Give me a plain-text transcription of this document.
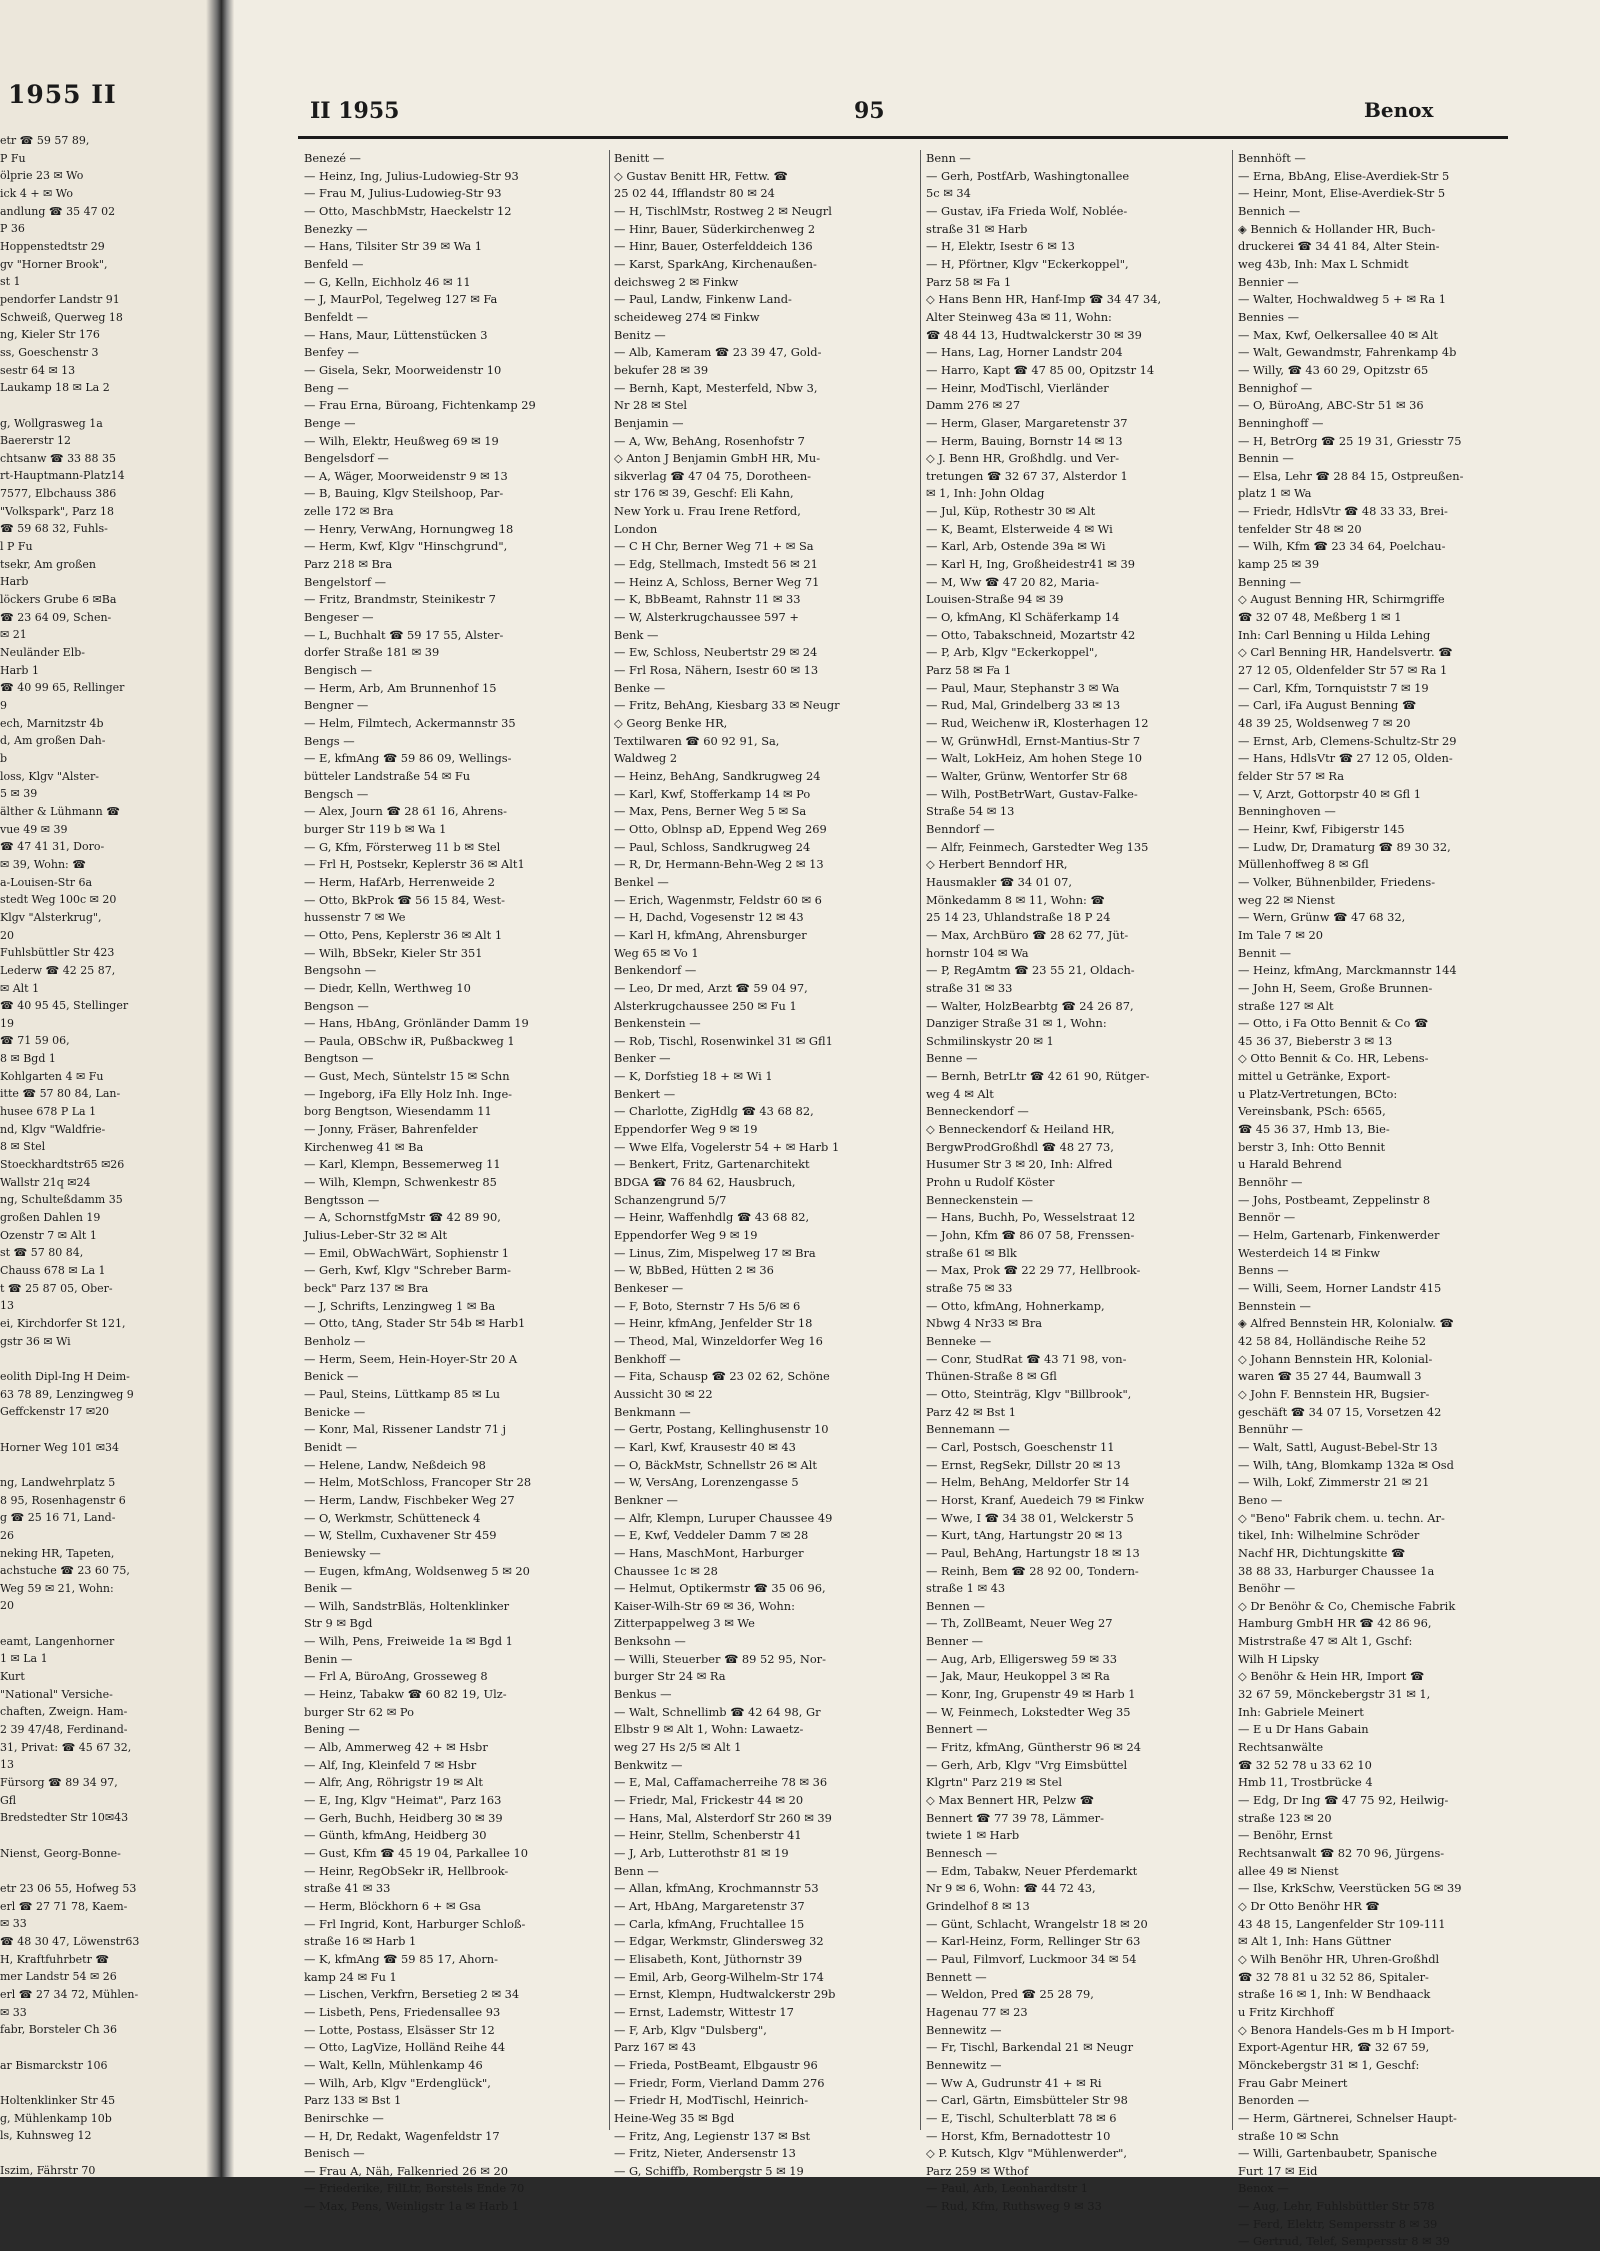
1955 II
etr ☎ 59 57 89,
P Fu
ölprie 23 ✉ Wo
ick 4 + ✉ Wo
andlung ☎ 35 47 02
P 36
Hoppenstedtstr 29
gv "Horner Brook",
st 1
pendorfer Landstr 91
Schweiß, Querweg 18
ng, Kieler Str 176
ss, Goeschenstr 3
sestr 64 ✉ 13
Laukamp 18 ✉ La 2

g, Wollgrasweg 1a
Baererstr 12
chtsanw ☎ 33 88 35
rt-Hauptmann-Platz14
7577, Elbchauss 386
"Volkspark", Parz 18
☎ 59 68 32, Fuhls-
l P Fu
tsekr, Am großen
Harb
löckers Grube 6 ✉Ba
☎ 23 64 09, Schen-
✉ 21
Neuländer Elb-
Harb 1
☎ 40 99 65, Rellinger
9
ech, Marnitzstr 4b
d, Am großen Dah-
b
loss, Klgv "Alster-
5 ✉ 39
älther & Lühmann ☎
vue 49 ✉ 39
☎ 47 41 31, Doro-
✉ 39, Wohn: ☎
a-Louisen-Str 6a
stedt Weg 100c ✉ 20
Klgv "Alsterkrug",
20
Fuhlsbüttler Str 423
Lederw ☎ 42 25 87,
✉ Alt 1
☎ 40 95 45, Stellinger
19
☎ 71 59 06,
8 ✉ Bgd 1
Kohlgarten 4 ✉ Fu
itte ☎ 57 80 84, Lan-
husee 678 P La 1
nd, Klgv "Waldfrie-
8 ✉ Stel
Stoeckhardtstr65 ✉26
Wallstr 21q ✉24
ng, Schulteßdamm 35
großen Dahlen 19
Ozenstr 7 ✉ Alt 1
st ☎ 57 80 84,
Chauss 678 ✉ La 1
t ☎ 25 87 05, Ober-
13
ei, Kirchdorfer St 121,
gstr 36 ✉ Wi

eolith Dipl-Ing H Deim-
63 78 89, Lenzingweg 9
Geffckenstr 17 ✉20

Horner Weg 101 ✉34

ng, Landwehrplatz 5
8 95, Rosenhagenstr 6
g ☎ 25 16 71, Land-
26
neking HR, Tapeten,
achstuche ☎ 23 60 75,
Weg 59 ✉ 21, Wohn:
20

eamt, Langenhorner
1 ✉ La 1
Kurt
"National" Versiche-
chaften, Zweign. Ham-
2 39 47/48, Ferdinand-
31, Privat: ☎ 45 67 32,
13
Fürsorg ☎ 89 34 97,
Gfl
Bredstedter Str 10✉43

Nienst, Georg-Bonne-

etr 23 06 55, Hofweg 53
erl ☎ 27 71 78, Kaem-
✉ 33
☎ 48 30 47, Löwenstr63
H, Kraftfuhrbetr ☎
mer Landstr 54 ✉ 26
erl ☎ 27 34 72, Mühlen-
✉ 33
fabr, Borsteler Ch 36

ar Bismarckstr 106

Holtenklinker Str 45
g, Mühlenkamp 10b
ls, Kuhnsweg 12

Iszim, Fährstr 70
II 1955	95	Benox
Benezé —
— Heinz, Ing, Julius-Ludowieg-Str 93
— Frau M, Julius-Ludowieg-Str 93
— Otto, MaschbMstr, Haeckelstr 12
Benezky —
— Hans, Tilsiter Str 39 ✉ Wa 1
Benfeld —
— G, Kelln, Eichholz 46 ✉ 11
— J, MaurPol, Tegelweg 127 ✉ Fa
Benfeldt —
— Hans, Maur, Lüttenstücken 3
Benfey —
— Gisela, Sekr, Moorweidenstr 10
Beng —
— Frau Erna, Büroang, Fichtenkamp 29
Benge —
— Wilh, Elektr, Heußweg 69 ✉ 19
Bengelsdorf —
— A, Wäger, Moorweidenstr 9 ✉ 13
— B, Bauing, Klgv Steilshoop, Par-
zelle 172 ✉ Bra
— Henry, VerwAng, Hornungweg 18
— Herm, Kwf, Klgv "Hinschgrund",
Parz 218 ✉ Bra
Bengelstorf —
— Fritz, Brandmstr, Steinikestr 7
Bengeser —
— L, Buchhalt ☎ 59 17 55, Alster-
dorfer Straße 181 ✉ 39
Bengisch —
— Herm, Arb, Am Brunnenhof 15
Bengner —
— Helm, Filmtech, Ackermannstr 35
Bengs —
— E, kfmAng ☎ 59 86 09, Wellings-
bütteler Landstraße 54 ✉ Fu
Bengsch —
— Alex, Journ ☎ 28 61 16, Ahrens-
burger Str 119 b ✉ Wa 1
— G, Kfm, Försterweg 11 b ✉ Stel
— Frl H, Postsekr, Keplerstr 36 ✉ Alt1
— Herm, HafArb, Herrenweide 2
— Otto, BkProk ☎ 56 15 84, West-
hussenstr 7 ✉ We
— Otto, Pens, Keplerstr 36 ✉ Alt 1
— Wilh, BbSekr, Kieler Str 351
Bengsohn —
— Diedr, Kelln, Werthweg 10
Bengson —
— Hans, HbAng, Grönländer Damm 19
— Paula, OBSchw iR, Pußbackweg 1
Bengtson —
— Gust, Mech, Süntelstr 15 ✉ Schn
— Ingeborg, iFa Elly Holz Inh. Inge-
borg Bengtson, Wiesendamm 11
— Jonny, Fräser, Bahrenfelder
Kirchenweg 41 ✉ Ba
— Karl, Klempn, Bessemerweg 11
— Wilh, Klempn, Schwenkestr 85
Bengtsson —
— A, SchornstfgMstr ☎ 42 89 90,
Julius-Leber-Str 32 ✉ Alt
— Emil, ObWachWärt, Sophienstr 1
— Gerh, Kwf, Klgv "Schreber Barm-
beck" Parz 137 ✉ Bra
— J, Schrifts, Lenzingweg 1 ✉ Ba
— Otto, tAng, Stader Str 54b ✉ Harb1
Benholz —
— Herm, Seem, Hein-Hoyer-Str 20 A
Benick —
— Paul, Steins, Lüttkamp 85 ✉ Lu
Benicke —
— Konr, Mal, Rissener Landstr 71 j
Benidt —
— Helene, Landw, Neßdeich 98
— Helm, MotSchloss, Francoper Str 28
— Herm, Landw, Fischbeker Weg 27
— O, Werkmstr, Schütteneck 4
— W, Stellm, Cuxhavener Str 459
Beniewsky —
— Eugen, kfmAng, Woldsenweg 5 ✉ 20
Benik —
— Wilh, SandstrBläs, Holtenklinker
Str 9 ✉ Bgd
— Wilh, Pens, Freiweide 1a ✉ Bgd 1
Benin —
— Frl A, BüroAng, Grosseweg 8
— Heinz, Tabakw ☎ 60 82 19, Ulz-
burger Str 62 ✉ Po
Bening —
— Alb, Ammerweg 42 + ✉ Hsbr
— Alf, Ing, Kleinfeld 7 ✉ Hsbr
— Alfr, Ang, Röhrigstr 19 ✉ Alt
— E, Ing, Klgv "Heimat", Parz 163
— Gerh, Buchh, Heidberg 30 ✉ 39
— Günth, kfmAng, Heidberg 30
— Gust, Kfm ☎ 45 19 04, Parkallee 10
— Heinr, RegObSekr iR, Hellbrook-
straße 41 ✉ 33
— Herm, Blöckhorn 6 + ✉ Gsa
— Frl Ingrid, Kont, Harburger Schloß-
straße 16 ✉ Harb 1
— K, kfmAng ☎ 59 85 17, Ahorn-
kamp 24 ✉ Fu 1
— Lischen, Verkfrn, Bersetieg 2 ✉ 34
— Lisbeth, Pens, Friedensallee 93
— Lotte, Postass, Elsässer Str 12
— Otto, LagVize, Holländ Reihe 44
— Walt, Kelln, Mühlenkamp 46
— Wilh, Arb, Klgv "Erdenglück",
Parz 133 ✉ Bst 1
Benirschke —
— H, Dr, Redakt, Wagenfeldstr 17
Benisch —
— Frau A, Näh, Falkenried 26 ✉ 20
— Friederike, FilLtr, Borstels Ende 70
— Max, Pens, Weinligstr 1a ✉ Harb 1
Benitt —
◇ Gustav Benitt HR, Fettw. ☎
25 02 44, Ifflandstr 80 ✉ 24
— H, TischlMstr, Rostweg 2 ✉ Neugrl
— Hinr, Bauer, Süderkirchenweg 2
— Hinr, Bauer, Osterfelddeich 136
— Karst, SparkAng, Kirchenaußen-
deichsweg 2 ✉ Finkw
— Paul, Landw, Finkenw Land-
scheideweg 274 ✉ Finkw
Benitz —
— Alb, Kameram ☎ 23 39 47, Gold-
bekufer 28 ✉ 39
— Bernh, Kapt, Mesterfeld, Nbw 3,
Nr 28 ✉ Stel
Benjamin —
— A, Ww, BehAng, Rosenhofstr 7
◇ Anton J Benjamin GmbH HR, Mu-
sikverlag ☎ 47 04 75, Dorotheen-
str 176 ✉ 39, Geschf: Eli Kahn,
New York u. Frau Irene Retford,
London
— C H Chr, Berner Weg 71 + ✉ Sa
— Edg, Stellmach, Imstedt 56 ✉ 21
— Heinz A, Schloss, Berner Weg 71
— K, BbBeamt, Rahnstr 11 ✉ 33
— W, Alsterkrugchaussee 597 +
Benk —
— Ew, Schloss, Neubertstr 29 ✉ 24
— Frl Rosa, Nähern, Isestr 60 ✉ 13
Benke —
— Fritz, BehAng, Kiesbarg 33 ✉ Neugr
◇ Georg Benke HR,
Textilwaren ☎ 60 92 91, Sa,
Waldweg 2
— Heinz, BehAng, Sandkrugweg 24
— Karl, Kwf, Stofferkamp 14 ✉ Po
— Max, Pens, Berner Weg 5 ✉ Sa
— Otto, Oblnsp aD, Eppend Weg 269
— Paul, Schloss, Sandkrugweg 24
— R, Dr, Hermann-Behn-Weg 2 ✉ 13
Benkel —
— Erich, Wagenmstr, Feldstr 60 ✉ 6
— H, Dachd, Vogesenstr 12 ✉ 43
— Karl H, kfmAng, Ahrensburger
Weg 65 ✉ Vo 1
Benkendorf —
— Leo, Dr med, Arzt ☎ 59 04 97,
Alsterkrugchaussee 250 ✉ Fu 1
Benkenstein —
— Rob, Tischl, Rosenwinkel 31 ✉ Gfl1
Benker —
— K, Dorfstieg 18 + ✉ Wi 1
Benkert —
— Charlotte, ZigHdlg ☎ 43 68 82,
Eppendorfer Weg 9 ✉ 19
— Wwe Elfa, Vogelerstr 54 + ✉ Harb 1
— Benkert, Fritz, Gartenarchitekt
BDGA ☎ 76 84 62, Hausbruch,
Schanzengrund 5/7
— Heinr, Waffenhdlg ☎ 43 68 82,
Eppendorfer Weg 9 ✉ 19
— Linus, Zim, Mispelweg 17 ✉ Bra
— W, BbBed, Hütten 2 ✉ 36
Benkeser —
— F, Boto, Sternstr 7 Hs 5/6 ✉ 6
— Heinr, kfmAng, Jenfelder Str 18
— Theod, Mal, Winzeldorfer Weg 16
Benkhoff —
— Fita, Schausp ☎ 23 02 62, Schöne
Aussicht 30 ✉ 22
Benkmann —
— Gertr, Postang, Kellinghusenstr 10
— Karl, Kwf, Krausestr 40 ✉ 43
— O, BäckMstr, Schnellstr 26 ✉ Alt
— W, VersAng, Lorenzengasse 5
Benkner —
— Alfr, Klempn, Luruper Chaussee 49
— E, Kwf, Veddeler Damm 7 ✉ 28
— Hans, MaschMont, Harburger
Chaussee 1c ✉ 28
— Helmut, Optikermstr ☎ 35 06 96,
Kaiser-Wilh-Str 69 ✉ 36, Wohn:
Zitterpappelweg 3 ✉ We
Benksohn —
— Willi, Steuerber ☎ 89 52 95, Nor-
burger Str 24 ✉ Ra
Benkus —
— Walt, Schnellimb ☎ 42 64 98, Gr
Elbstr 9 ✉ Alt 1, Wohn: Lawaetz-
weg 27 Hs 2/5 ✉ Alt 1
Benkwitz —
— E, Mal, Caffamacherreihe 78 ✉ 36
— Friedr, Mal, Frickestr 44 ✉ 20
— Hans, Mal, Alsterdorf Str 260 ✉ 39
— Heinr, Stellm, Schenberstr 41
— J, Arb, Lutterothstr 81 ✉ 19
Benn —
— Allan, kfmAng, Krochmannstr 53
— Art, HbAng, Margaretenstr 37
— Carla, kfmAng, Fruchtallee 15
— Edgar, Werkmstr, Glindersweg 32
— Elisabeth, Kont, Jüthornstr 39
— Emil, Arb, Georg-Wilhelm-Str 174
— Ernst, Klempn, Hudtwalckerstr 29b
— Ernst, Lademstr, Wittestr 17
— F, Arb, Klgv "Dulsberg",
Parz 167 ✉ 43
— Frieda, PostBeamt, Elbgaustr 96
— Friedr, Form, Vierland Damm 276
— Friedr H, ModTischl, Heinrich-
Heine-Weg 35 ✉ Bgd
— Fritz, Ang, Legienstr 137 ✉ Bst
— Fritz, Nieter, Andersenstr 13
— G, Schiffb, Rombergstr 5 ✉ 19
Benn —
— Gerh, PostfArb, Washingtonallee
5c ✉ 34
— Gustav, iFa Frieda Wolf, Noblée-
straße 31 ✉ Harb
— H, Elektr, Isestr 6 ✉ 13
— H, Pförtner, Klgv "Eckerkoppel",
Parz 58 ✉ Fa 1
◇ Hans Benn HR, Hanf-Imp ☎ 34 47 34,
Alter Steinweg 43a ✉ 11, Wohn:
☎ 48 44 13, Hudtwalckerstr 30 ✉ 39
— Hans, Lag, Horner Landstr 204
— Harro, Kapt ☎ 47 85 00, Opitzstr 14
— Heinr, ModTischl, Vierländer
Damm 276 ✉ 27
— Herm, Glaser, Margaretenstr 37
— Herm, Bauing, Bornstr 14 ✉ 13
◇ J. Benn HR, Großhdlg. und Ver-
tretungen ☎ 32 67 37, Alsterdor 1
✉ 1, Inh: John Oldag
— Jul, Küp, Rothestr 30 ✉ Alt
— K, Beamt, Elsterweide 4 ✉ Wi
— Karl, Arb, Ostende 39a ✉ Wi
— Karl H, Ing, Großheidestr41 ✉ 39
— M, Ww ☎ 47 20 82, Maria-
Louisen-Straße 94 ✉ 39
— O, kfmAng, Kl Schäferkamp 14
— Otto, Tabakschneid, Mozartstr 42
— P, Arb, Klgv "Eckerkoppel",
Parz 58 ✉ Fa 1
— Paul, Maur, Stephanstr 3 ✉ Wa
— Rud, Mal, Grindelberg 33 ✉ 13
— Rud, Weichenw iR, Klosterhagen 12
— W, GrünwHdl, Ernst-Mantius-Str 7
— Walt, LokHeiz, Am hohen Stege 10
— Walter, Grünw, Wentorfer Str 68
— Wilh, PostBetrWart, Gustav-Falke-
Straße 54 ✉ 13
Benndorf —
— Alfr, Feinmech, Garstedter Weg 135
◇ Herbert Benndorf HR,
Hausmakler ☎ 34 01 07,
Mönkedamm 8 ✉ 11, Wohn: ☎
25 14 23, Uhlandstraße 18 P 24
— Max, ArchBüro ☎ 28 62 77, Jüt-
hornstr 104 ✉ Wa
— P, RegAmtm ☎ 23 55 21, Oldach-
straße 31 ✉ 33
— Walter, HolzBearbtg ☎ 24 26 87,
Danziger Straße 31 ✉ 1, Wohn:
Schmilinskystr 20 ✉ 1
Benne —
— Bernh, BetrLtr ☎ 42 61 90, Rütger-
weg 4 ✉ Alt
Benneckendorf —
◇ Benneckendorf & Heiland HR,
BergwProdGroßhdl ☎ 48 27 73,
Husumer Str 3 ✉ 20, Inh: Alfred
Prohn u Rudolf Köster
Benneckenstein —
— Hans, Buchh, Po, Wesselstraat 12
— John, Kfm ☎ 86 07 58, Frenssen-
straße 61 ✉ Blk
— Max, Prok ☎ 22 29 77, Hellbrook-
straße 75 ✉ 33
— Otto, kfmAng, Hohnerkamp,
Nbwg 4 Nr33 ✉ Bra
Benneke —
— Conr, StudRat ☎ 43 71 98, von-
Thünen-Straße 8 ✉ Gfl
— Otto, Steinträg, Klgv "Billbrook",
Parz 42 ✉ Bst 1
Bennemann —
— Carl, Postsch, Goeschenstr 11
— Ernst, RegSekr, Dillstr 20 ✉ 13
— Helm, BehAng, Meldorfer Str 14
— Horst, Kranf, Auedeich 79 ✉ Finkw
— Wwe, I ☎ 34 38 01, Welckerstr 5
— Kurt, tAng, Hartungstr 20 ✉ 13
— Paul, BehAng, Hartungstr 18 ✉ 13
— Reinh, Bem ☎ 28 92 00, Tondern-
straße 1 ✉ 43
Bennen —
— Th, ZollBeamt, Neuer Weg 27
Benner —
— Aug, Arb, Elligersweg 59 ✉ 33
— Jak, Maur, Heukoppel 3 ✉ Ra
— Konr, Ing, Grupenstr 49 ✉ Harb 1
— W, Feinmech, Lokstedter Weg 35
Bennert —
— Fritz, kfmAng, Güntherstr 96 ✉ 24
— Gerh, Arb, Klgv "Vrg Eimsbüttel
Klgrtn" Parz 219 ✉ Stel
◇ Max Bennert HR, Pelzw ☎
Bennert ☎ 77 39 78, Lämmer-
twiete 1 ✉ Harb
Bennesch —
— Edm, Tabakw, Neuer Pferdemarkt
Nr 9 ✉ 6, Wohn: ☎ 44 72 43,
Grindelhof 8 ✉ 13
— Günt, Schlacht, Wrangelstr 18 ✉ 20
— Karl-Heinz, Form, Rellinger Str 63
— Paul, Filmvorf, Luckmoor 34 ✉ 54
Bennett —
— Weldon, Pred ☎ 25 28 79,
Hagenau 77 ✉ 23
Bennewitz —
— Fr, Tischl, Barkendal 21 ✉ Neugr
Bennewitz —
— Ww A, Gudrunstr 41 + ✉ Ri
— Carl, Gärtn, Eimsbütteler Str 98
— E, Tischl, Schulterblatt 78 ✉ 6
— Horst, Kfm, Bernadottestr 10
◇ P. Kutsch, Klgv "Mühlenwerder",
Parz 259 ✉ Wthof
— Paul, Arb, Leonhardtstr 1
— Rud, Kfm, Ruthsweg 9 ✉ 33
Bennhöft —
— Erna, BbAng, Elise-Averdiek-Str 5
— Heinr, Mont, Elise-Averdiek-Str 5
Bennich —
◈ Bennich & Hollander HR, Buch-
druckerei ☎ 34 41 84, Alter Stein-
weg 43b, Inh: Max L Schmidt
Bennier —
— Walter, Hochwaldweg 5 + ✉ Ra 1
Bennies —
— Max, Kwf, Oelkersallee 40 ✉ Alt
— Walt, Gewandmstr, Fahrenkamp 4b
— Willy, ☎ 43 60 29, Opitzstr 65
Bennighof —
— O, BüroAng, ABC-Str 51 ✉ 36
Benninghoff —
— H, BetrOrg ☎ 25 19 31, Griesstr 75
Bennin —
— Elsa, Lehr ☎ 28 84 15, Ostpreußen-
platz 1 ✉ Wa
— Friedr, HdlsVtr ☎ 48 33 33, Brei-
tenfelder Str 48 ✉ 20
— Wilh, Kfm ☎ 23 34 64, Poelchau-
kamp 25 ✉ 39
Benning —
◇ August Benning HR, Schirmgriffe
☎ 32 07 48, Meßberg 1 ✉ 1
Inh: Carl Benning u Hilda Lehing
◇ Carl Benning HR, Handelsvertr. ☎
27 12 05, Oldenfelder Str 57 ✉ Ra 1
— Carl, Kfm, Tornquiststr 7 ✉ 19
— Carl, iFa August Benning ☎
48 39 25, Woldsenweg 7 ✉ 20
— Ernst, Arb, Clemens-Schultz-Str 29
— Hans, HdlsVtr ☎ 27 12 05, Olden-
felder Str 57 ✉ Ra
— V, Arzt, Gottorpstr 40 ✉ Gfl 1
Benninghoven —
— Heinr, Kwf, Fibigerstr 145
— Ludw, Dr, Dramaturg ☎ 89 30 32,
Müllenhoffweg 8 ✉ Gfl
— Volker, Bühnenbilder, Friedens-
weg 22 ✉ Nienst
— Wern, Grünw ☎ 47 68 32,
Im Tale 7 ✉ 20
Bennit —
— Heinz, kfmAng, Marckmannstr 144
— John H, Seem, Große Brunnen-
straße 127 ✉ Alt
— Otto, i Fa Otto Bennit & Co ☎
45 36 37, Bieberstr 3 ✉ 13
◇ Otto Bennit & Co. HR, Lebens-
mittel u Getränke, Export-
u Platz-Vertretungen, BCto:
Vereinsbank, PSch: 6565,
☎ 45 36 37, Hmb 13, Bie-
berstr 3, Inh: Otto Bennit
u Harald Behrend
Bennöhr —
— Johs, Postbeamt, Zeppelinstr 8
Bennör —
— Helm, Gartenarb, Finkenwerder
Westerdeich 14 ✉ Finkw
Benns —
— Willi, Seem, Horner Landstr 415
Bennstein —
◈ Alfred Bennstein HR, Kolonialw. ☎
42 58 84, Holländische Reihe 52
◇ Johann Bennstein HR, Kolonial-
waren ☎ 35 27 44, Baumwall 3
◇ John F. Bennstein HR, Bugsier-
geschäft ☎ 34 07 15, Vorsetzen 42
Bennühr —
— Walt, Sattl, August-Bebel-Str 13
— Wilh, tAng, Blomkamp 132a ✉ Osd
— Wilh, Lokf, Zimmerstr 21 ✉ 21
Beno —
◇ "Beno" Fabrik chem. u. techn. Ar-
tikel, Inh: Wilhelmine Schröder
Nachf HR, Dichtungskitte ☎
38 88 33, Harburger Chaussee 1a
Benöhr —
◇ Dr Benöhr & Co, Chemische Fabrik
Hamburg GmbH HR ☎ 42 86 96,
Mistrstraße 47 ✉ Alt 1, Gschf:
Wilh H Lipsky
◇ Benöhr & Hein HR, Import ☎
32 67 59, Mönckebergstr 31 ✉ 1,
Inh: Gabriele Meinert
— E u Dr Hans Gabain
Rechtsanwälte
☎ 32 52 78 u 33 62 10
Hmb 11, Trostbrücke 4
— Edg, Dr Ing ☎ 47 75 92, Heilwig-
straße 123 ✉ 20
— Benöhr, Ernst
Rechtsanwalt ☎ 82 70 96, Jürgens-
allee 49 ✉ Nienst
— Ilse, KrkSchw, Veerstücken 5G ✉ 39
◇ Dr Otto Benöhr HR ☎
43 48 15, Langenfelder Str 109-111
✉ Alt 1, Inh: Hans Güttner
◇ Wilh Benöhr HR, Uhren-Großhdl
☎ 32 78 81 u 32 52 86, Spitaler-
straße 16 ✉ 1, Inh: W Bendhaack
u Fritz Kirchhoff
◇ Benora Handels-Ges m b H Import-
Export-Agentur HR, ☎ 32 67 59,
Mönckebergstr 31 ✉ 1, Geschf:
Frau Gabr Meinert
Benorden —
— Herm, Gärtnerei, Schnelser Haupt-
straße 10 ✉ Schn
— Willi, Gartenbaubetr, Spanische
Furt 17 ✉ Eid
Benox —
— Aug, Lehr, Fuhlsbüttler Str 578
— Ferd, Elektr, Sempersstr 8 ✉ 39
— Gertrud, Telef, Sempersstr 8 ✉ 39
